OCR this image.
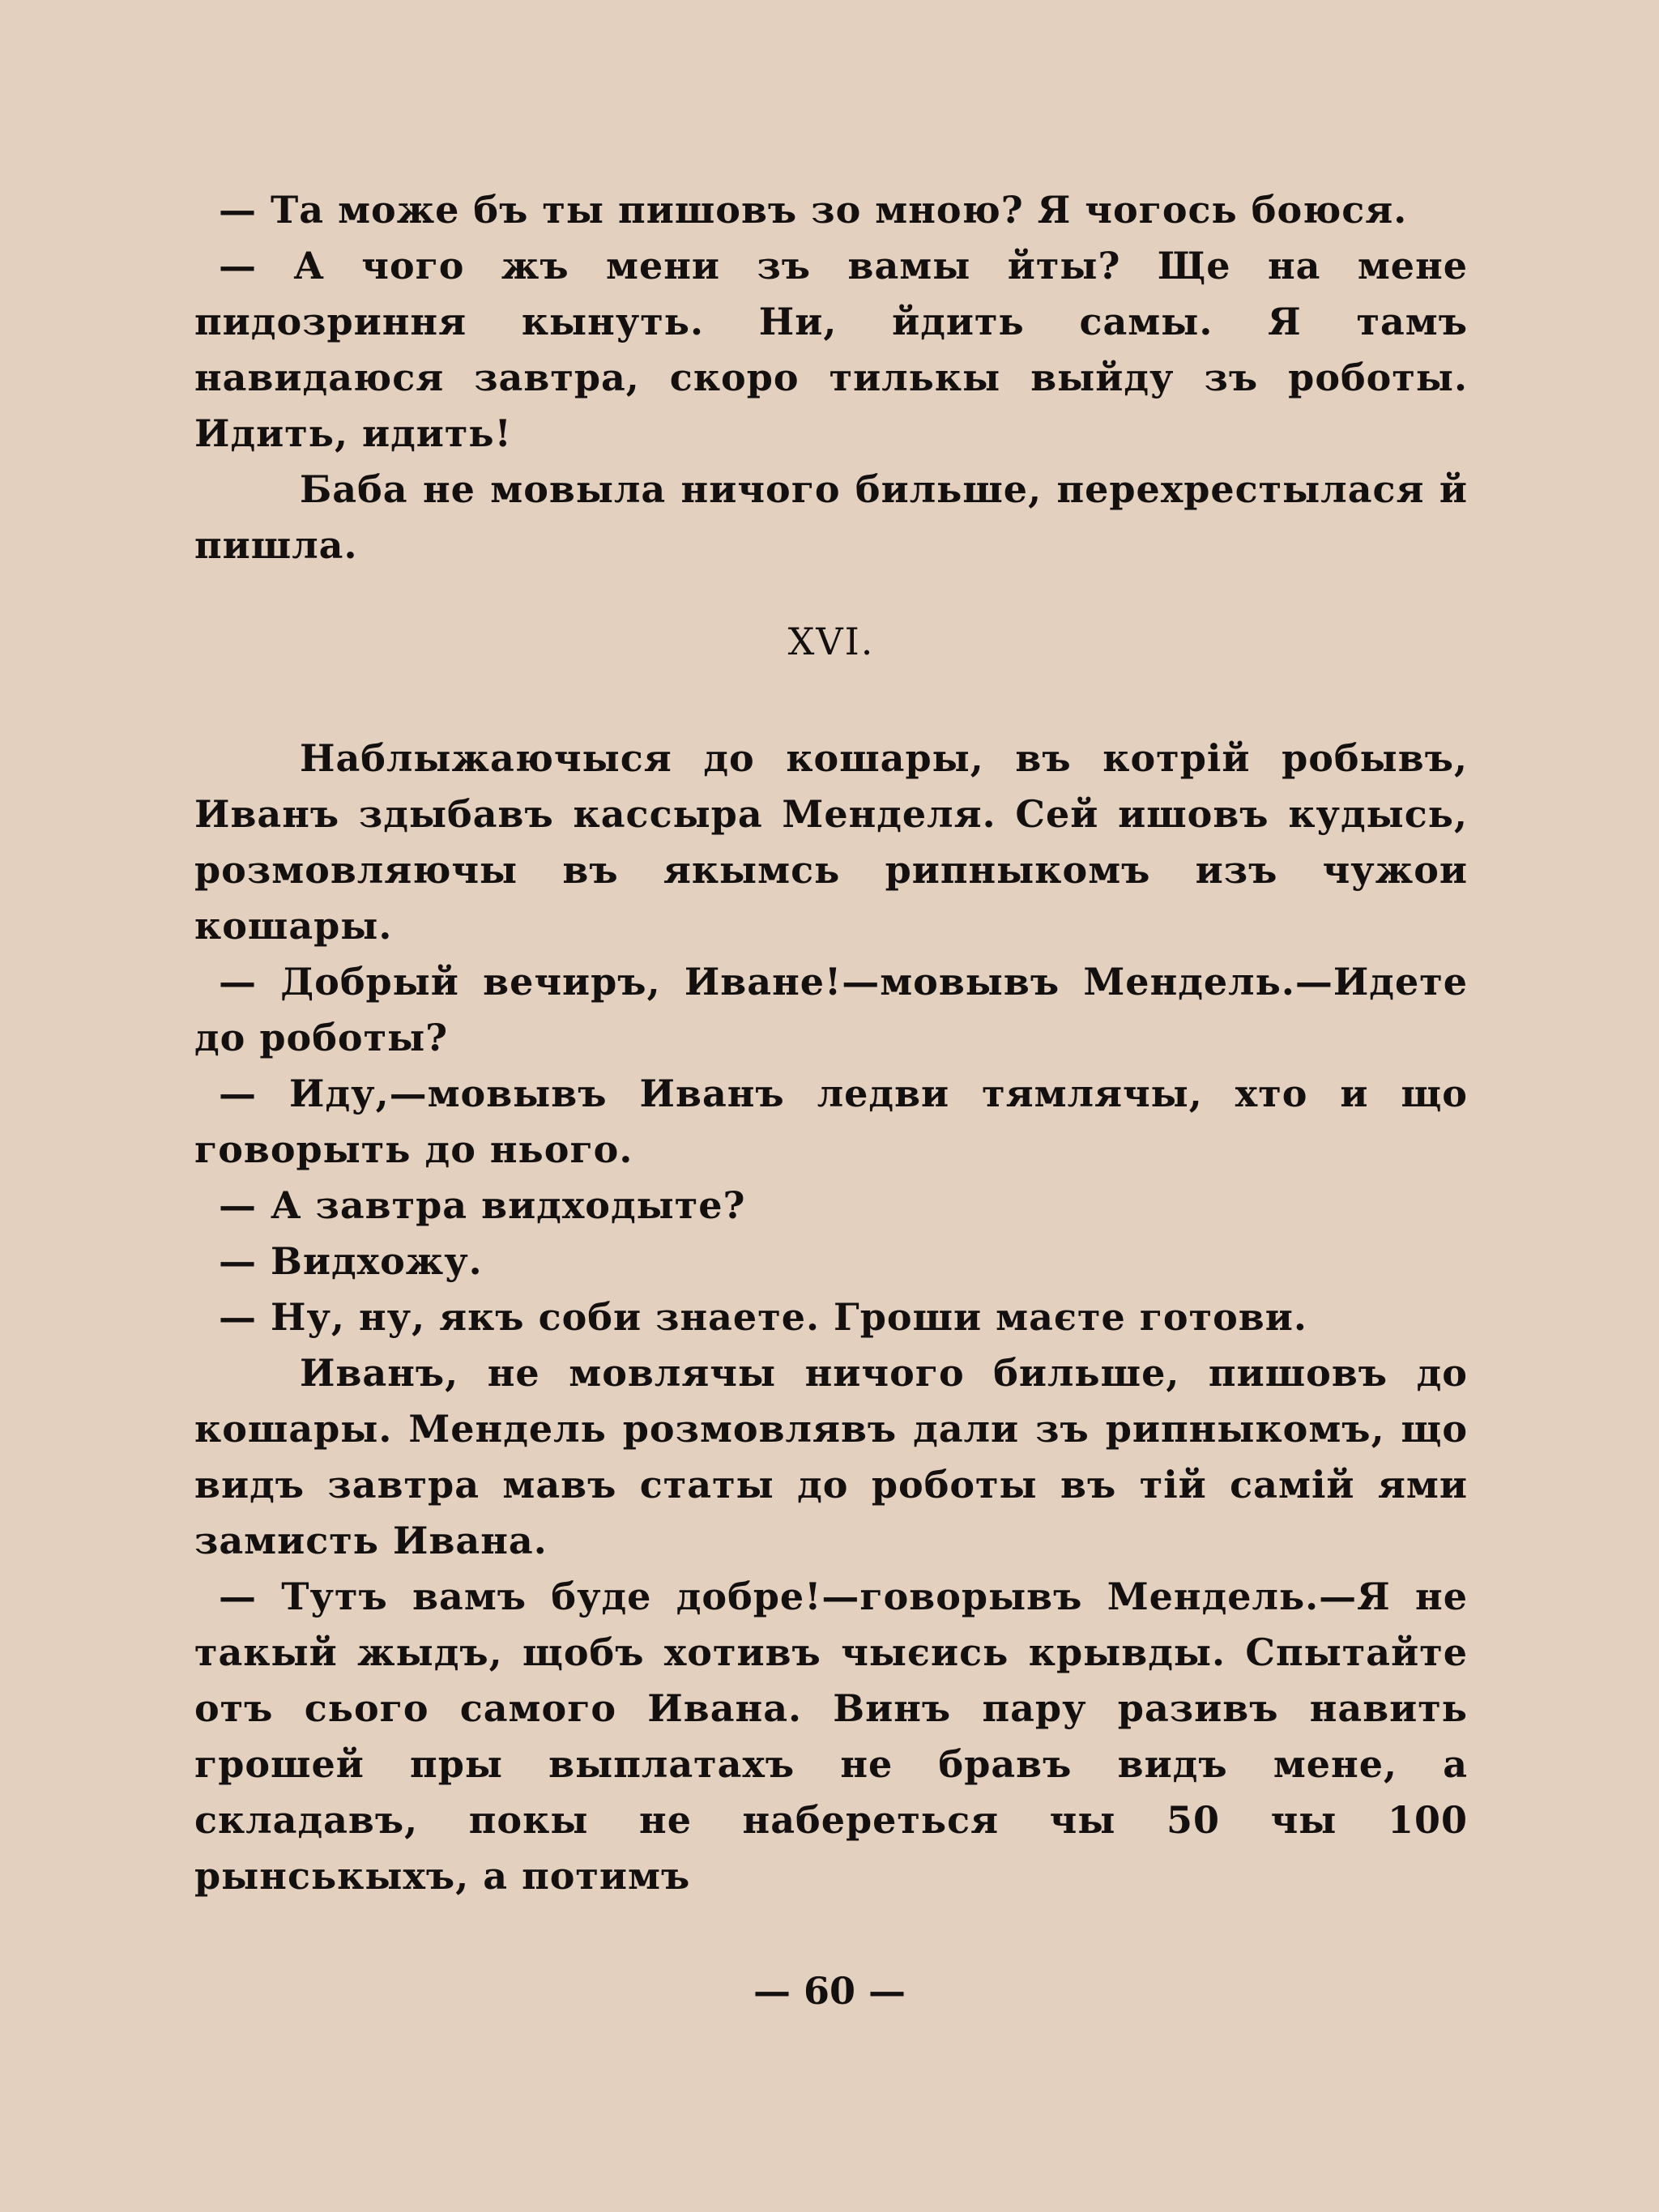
— Та може бъ ты пишовъ зо мною? Я чогось боюся.

— А чого жъ мени зъ вамы йты? Ще на мене пидозриння кынуть. Ни, йдить самы. Я тамъ навидаюся завтра, скоро тилькы выйду зъ роботы. Идить, идить!

Баба не мовыла ничого бильше, перехрестылася й пишла.

XVI.

Наблыжаючыся до кошары, въ котрій робывъ, Иванъ здыбавъ кассыра Менделя. Сей ишовъ кудысь, розмовляючы въ якымсь рипныкомъ изъ чужои кошары.

— Добрый вечиръ, Иване!—мовывъ Мендель.—Идете до роботы?

— Иду,—мовывъ Иванъ ледви тямлячы, хто и що говорыть до нього.

— А завтра видходыте?

— Видхожу.

— Ну, ну, якъ соби знаете. Гроши маєте готови.

Иванъ, не мовлячы ничого бильше, пишовъ до кошары. Мендель розмовлявъ дали зъ рипныкомъ, що видъ завтра мавъ статы до роботы въ тій самій ями замисть Ивана.

— Тутъ вамъ буде добре!—говорывъ Мендель.—Я не такый жыдъ, щобъ хотивъ чыєись крывды. Спытайте отъ сього самого Ивана. Винъ пару разивъ навить грошей пры выплатахъ не бравъ видъ мене, а складавъ, покы не набереться чы 50 чы 100 рынськыхъ, а потимъ

— 60 —
